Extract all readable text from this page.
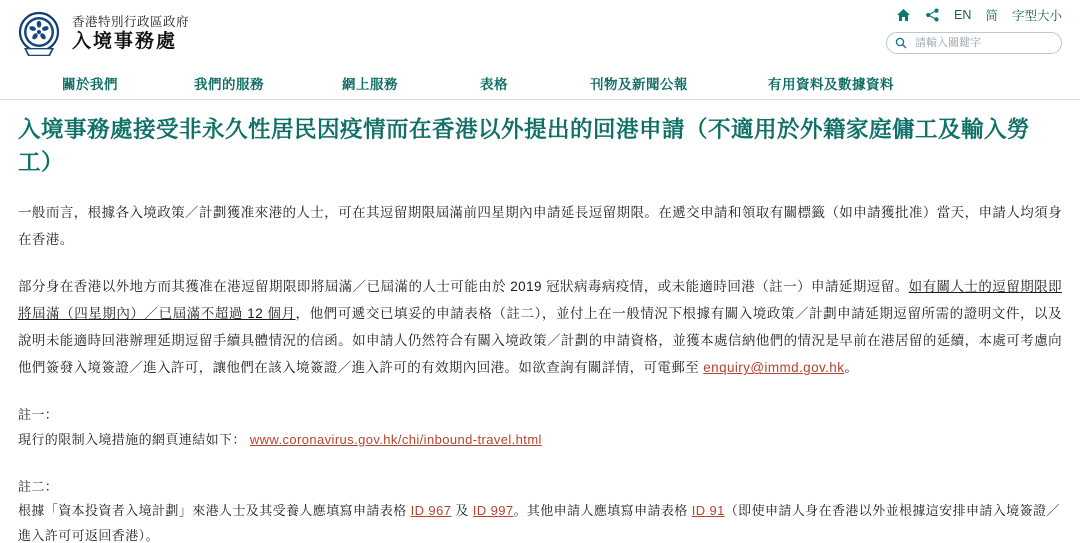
香港特別行政區政府
入境事務處
EN 简 字型大小
請輸入關鍵字
關於我們	我們的服務	網上服務	表格	刊物及新聞公報	有用資料及數據資料
入境事務處接受非永久性居民因疫情而在香港以外提出的回港申請（不適用於外籍家庭傭工及輸入勞工）

一般而言，根據各入境政策／計劃獲准來港的人士，可在其逗留期限屆滿前四星期內申請延長逗留期限。在遞交申請和領取有關標籤（如申請獲批准）當天，申請人均須身在香港。

部分身在香港以外地方而其獲准在港逗留期限即將屆滿／已屆滿的人士可能由於 2019 冠狀病毒病疫情，或未能適時回港（註一）申請延期逗留。如有關人士的逗留期限即將屆滿（四星期內）／已屆滿不超過 12 個月，他們可遞交已填妥的申請表格（註二），並付上在一般情況下根據有關入境政策／計劃申請延期逗留所需的證明文件，以及說明未能適時回港辦理延期逗留手續具體情況的信函。如申請人仍然符合有關入境政策／計劃的申請資格，並獲本處信納他們的情況是早前在港居留的延續，本處可考慮向他們簽發入境簽證／進入許可，讓他們在該入境簽證／進入許可的有效期內回港。如欲查詢有關詳情，可電郵至 enquiry@immd.gov.hk。

註一：

現行的限制入境措施的網頁連結如下： www.coronavirus.gov.hk/chi/inbound-travel.html

註二：

根據「資本投資者入境計劃」來港人士及其受養人應填寫申請表格 ID 967 及 ID 997。其他申請人應填寫申請表格 ID 91（即使申請人身在香港以外並根據這安排申請入境簽證／進入許可可返回香港）。
